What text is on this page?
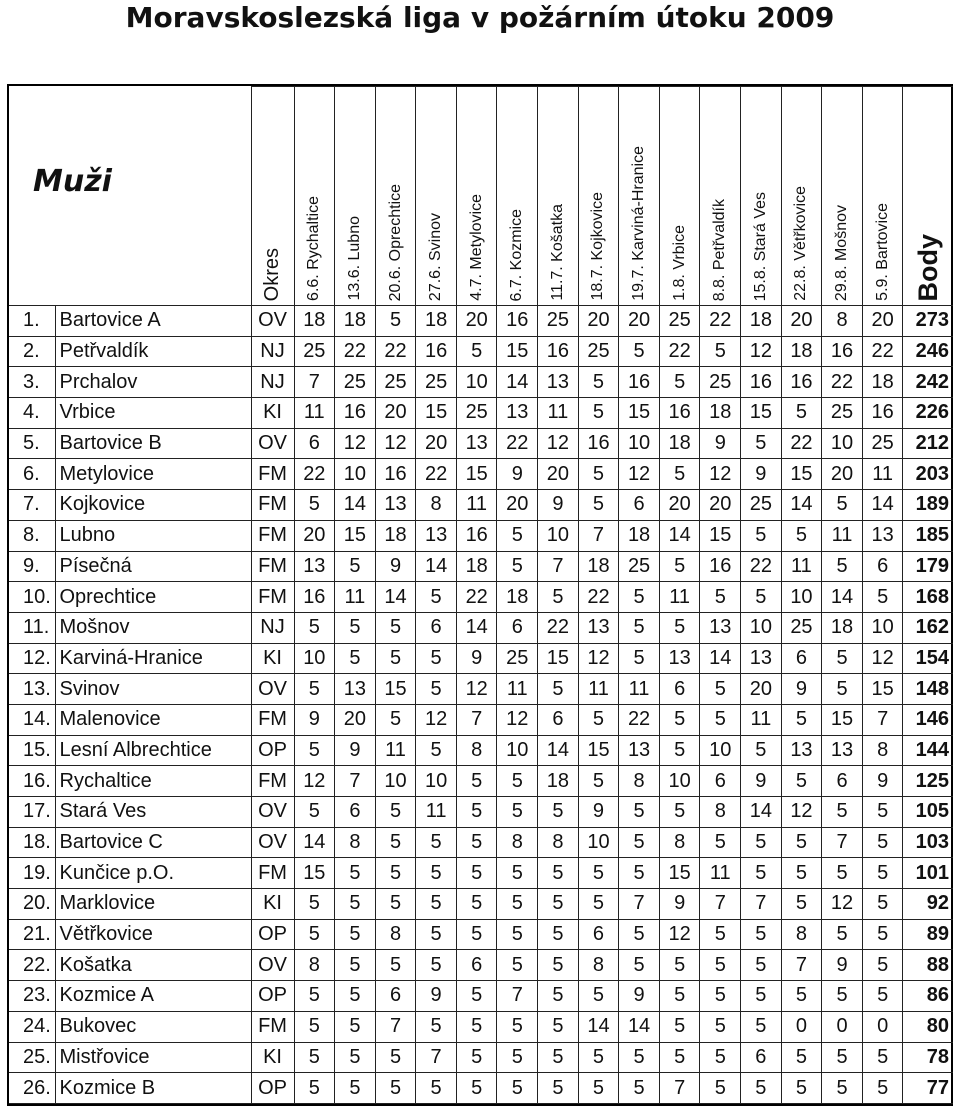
Moravskoslezská liga v požárním útoku 2009
Muži		Okres	6.6. Rychaltice	13.6. Lubno	20.6. Oprechtice	27.6. Svinov	4.7. Metylovice	6.7. Kozmice	11.7. Košatka	18.7. Kojkovice	19.7. Karviná-Hranice	1.8. Vrbice	8.8. Petřvaldík	15.8. Stará Ves	22.8. Větřkovice	29.8. Mošnov	5.9. Bartovice	Body

1.	Bartovice A	OV	18	18	5	18	20	16	25	20	20	25	22	18	20	8	20	273
2.	Petřvaldík	NJ	25	22	22	16	5	15	16	25	5	22	5	12	18	16	22	246
3.	Prchalov	NJ	7	25	25	25	10	14	13	5	16	5	25	16	16	22	18	242
4.	Vrbice	KI	11	16	20	15	25	13	11	5	15	16	18	15	5	25	16	226
5.	Bartovice B	OV	6	12	12	20	13	22	12	16	10	18	9	5	22	10	25	212
6.	Metylovice	FM	22	10	16	22	15	9	20	5	12	5	12	9	15	20	11	203
7.	Kojkovice	FM	5	14	13	8	11	20	9	5	6	20	20	25	14	5	14	189
8.	Lubno	FM	20	15	18	13	16	5	10	7	18	14	15	5	5	11	13	185
9.	Písečná	FM	13	5	9	14	18	5	7	18	25	5	16	22	11	5	6	179
10.	Oprechtice	FM	16	11	14	5	22	18	5	22	5	11	5	5	10	14	5	168
11.	Mošnov	NJ	5	5	5	6	14	6	22	13	5	5	13	10	25	18	10	162
12.	Karviná-Hranice	KI	10	5	5	5	9	25	15	12	5	13	14	13	6	5	12	154
13.	Svinov	OV	5	13	15	5	12	11	5	11	11	6	5	20	9	5	15	148
14.	Malenovice	FM	9	20	5	12	7	12	6	5	22	5	5	11	5	15	7	146
15.	Lesní Albrechtice	OP	5	9	11	5	8	10	14	15	13	5	10	5	13	13	8	144
16.	Rychaltice	FM	12	7	10	10	5	5	18	5	8	10	6	9	5	6	9	125
17.	Stará Ves	OV	5	6	5	11	5	5	5	9	5	5	8	14	12	5	5	105
18.	Bartovice C	OV	14	8	5	5	5	8	8	10	5	8	5	5	5	7	5	103
19.	Kunčice p.O.	FM	15	5	5	5	5	5	5	5	5	15	11	5	5	5	5	101
20.	Marklovice	KI	5	5	5	5	5	5	5	5	7	9	7	7	5	12	5	92
21.	Větřkovice	OP	5	5	8	5	5	5	5	6	5	12	5	5	8	5	5	89
22.	Košatka	OV	8	5	5	5	6	5	5	8	5	5	5	5	7	9	5	88
23.	Kozmice A	OP	5	5	6	9	5	7	5	5	9	5	5	5	5	5	5	86
24.	Bukovec	FM	5	5	7	5	5	5	5	14	14	5	5	5	0	0	0	80
25.	Mistřovice	KI	5	5	5	7	5	5	5	5	5	5	5	6	5	5	5	78
26.	Kozmice B	OP	5	5	5	5	5	5	5	5	5	7	5	5	5	5	5	77
